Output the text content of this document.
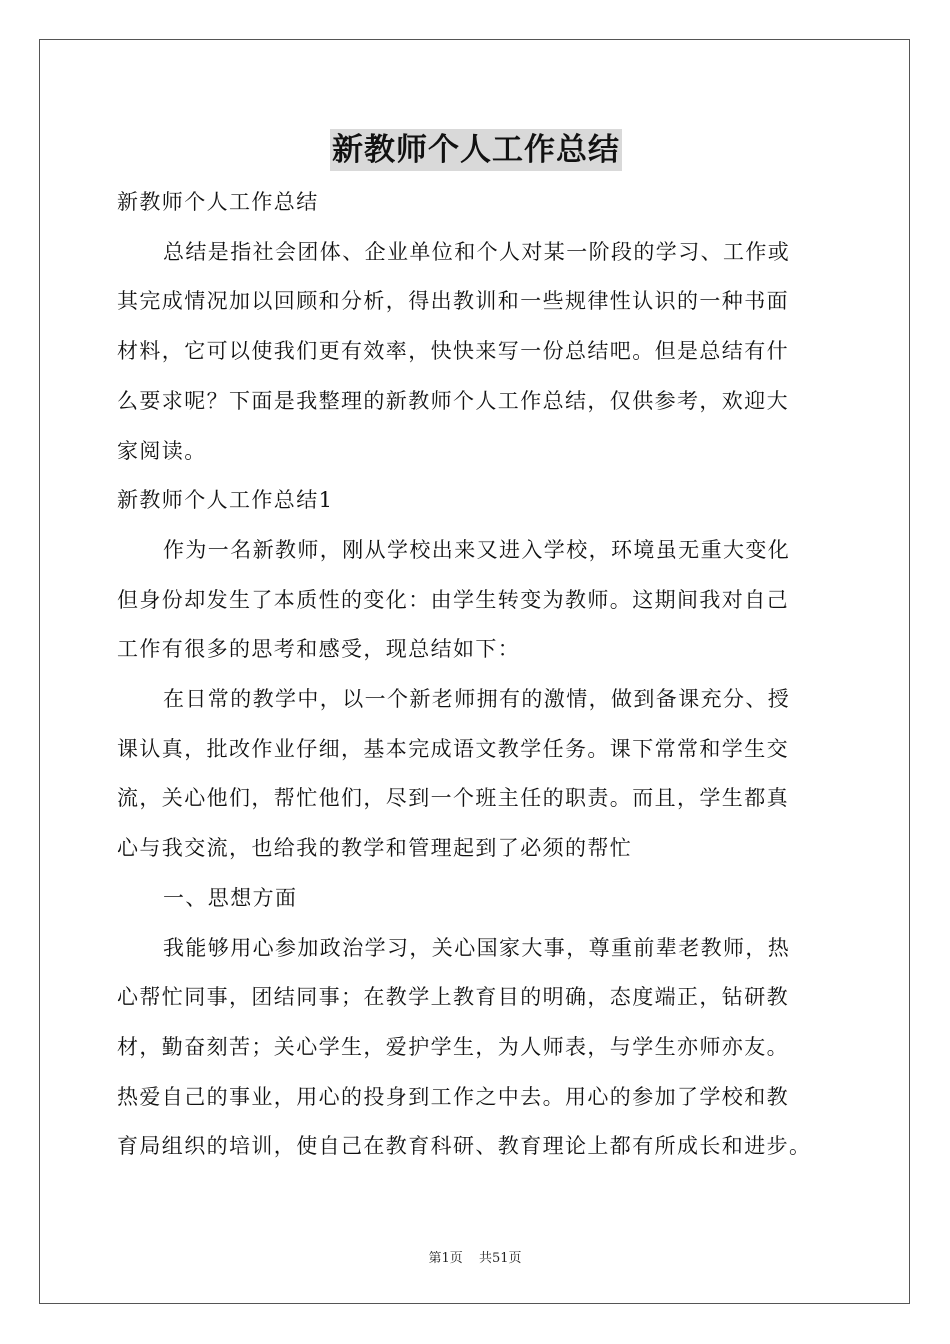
新教师个人工作总结

新教师个人工作总结

总结是指社会团体、企业单位和个人对某一阶段的学习、工作或
其完成情况加以回顾和分析，得出教训和一些规律性认识的一种书面
材料，它可以使我们更有效率，快快来写一份总结吧。但是总结有什
么要求呢？下面是我整理的新教师个人工作总结，仅供参考，欢迎大
家阅读。

新教师个人工作总结1

作为一名新教师，刚从学校出来又进入学校，环境虽无重大变化
但身份却发生了本质性的变化：由学生转变为教师。这期间我对自己
工作有很多的思考和感受，现总结如下：
在日常的教学中，以一个新老师拥有的激情，做到备课充分、授
课认真，批改作业仔细，基本完成语文教学任务。课下常常和学生交
流，关心他们，帮忙他们，尽到一个班主任的职责。而且，学生都真
心与我交流，也给我的教学和管理起到了必须的帮忙

一、思想方面

我能够用心参加政治学习，关心国家大事，尊重前辈老教师，热
心帮忙同事，团结同事；在教学上教育目的明确，态度端正，钻研教
材，勤奋刻苦；关心学生，爱护学生，为人师表，与学生亦师亦友。
热爱自己的事业，用心的投身到工作之中去。用心的参加了学校和教
育局组织的培训，使自己在教育科研、教育理论上都有所成长和进步。
第1页 共51页
